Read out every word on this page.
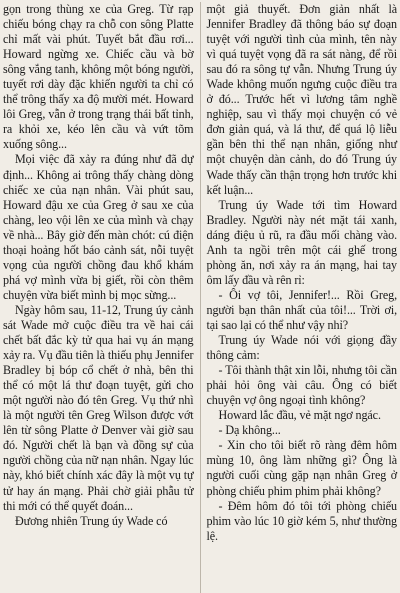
gọn trong thùng xe của Greg. Từ rạp chiếu bóng chạy ra chỗ con sông Platte chỉ mất vài phút. Tuyết bắt đầu rơi... Howard ngừng xe. Chiếc cầu và bờ sông vắng tanh, không một bóng người, tuyết rơi dày đặc khiến người ta chỉ có thể trông thấy xa độ mười mét. Howard lôi Greg, vẫn ở trong trạng thái bất tỉnh, ra khỏi xe, kéo lên cầu và vứt tõm xuống sông...

Mọi việc đã xảy ra đúng như đã dự định... Không ai trông thấy chàng dòng chiếc xe của nạn nhân. Vài phút sau, Howard đậu xe của Greg ở sau xe của chàng, leo vội lên xe của mình và chạy về nhà... Bây giờ đến màn chót: cú điện thoại hoảng hốt báo cảnh sát, nỗi tuyệt vọng của người chồng đau khổ khám phá vợ mình vừa bị giết, rồi còn thêm chuyện vừa biết mình bị mọc sừng...

Ngày hôm sau, 11-12, Trung úy cảnh sát Wade mở cuộc điều tra về hai cái chết bất đắc kỳ tử qua hai vụ án mạng xảy ra. Vụ đầu tiên là thiếu phụ Jennifer Bradley bị bóp cổ chết ở nhà, bên thi thể có một lá thư đoạn tuyệt, gửi cho một người nào đó tên Greg. Vụ thứ nhì là một người tên Greg Wilson được vớt lên từ sông Platte ở Denver vài giờ sau đó. Người chết là bạn và đồng sự của người chồng của nữ nạn nhân. Ngay lúc này, khó biết chính xác đây là một vụ tự tử hay án mạng. Phải chờ giải phẫu tử thi mới có thể quyết đoán...

Đương nhiên Trung úy Wade có

một giả thuyết. Đơn giản nhất là Jennifer Bradley đã thông báo sự đoạn tuyệt với người tình của mình, tên này vì quá tuyệt vọng đã ra sát nàng, để rồi sau đó ra sông tự vẫn. Nhưng Trung úy Wade không muốn ngưng cuộc điều tra ở đó... Trước hết vì lương tâm nghề nghiệp, sau vì thấy mọi chuyện có vẻ đơn giản quá, và lá thư, để quá lộ liễu gần bên thi thể nạn nhân, giống như một chuyện dàn cảnh, do đó Trung úy Wade thấy cần thận trọng hơn trước khi kết luận...

Trung úy Wade tới tìm Howard Bradley. Người này nét mặt tái xanh, dáng điệu ủ rũ, ra đầu mối chàng vào. Anh ta ngồi trên một cái ghế trong phòng ăn, nơi xảy ra án mạng, hai tay ôm lấy đầu và rên rỉ:

- Ôi vợ tôi, Jennifer!... Rồi Greg, người bạn thân nhất của tôi!... Trời ơi, tại sao lại có thể như vậy nhỉ?

Trung úy Wade nói với giọng đầy thông cảm:

- Tôi thành thật xin lỗi, nhưng tôi cần phải hỏi ông vài câu. Ông có biết chuyện vợ ông ngoại tình không?

Howard lắc đầu, vẻ mặt ngơ ngác.

- Dạ không...

- Xin cho tôi biết rõ ràng đêm hôm mùng 10, ông làm những gì? Ông là người cuối cùng gặp nạn nhân Greg ở phòng chiếu phim phim phải không?

- Đêm hôm đó tôi tới phòng chiếu phim vào lúc 10 giờ kém 5, như thường lệ.
